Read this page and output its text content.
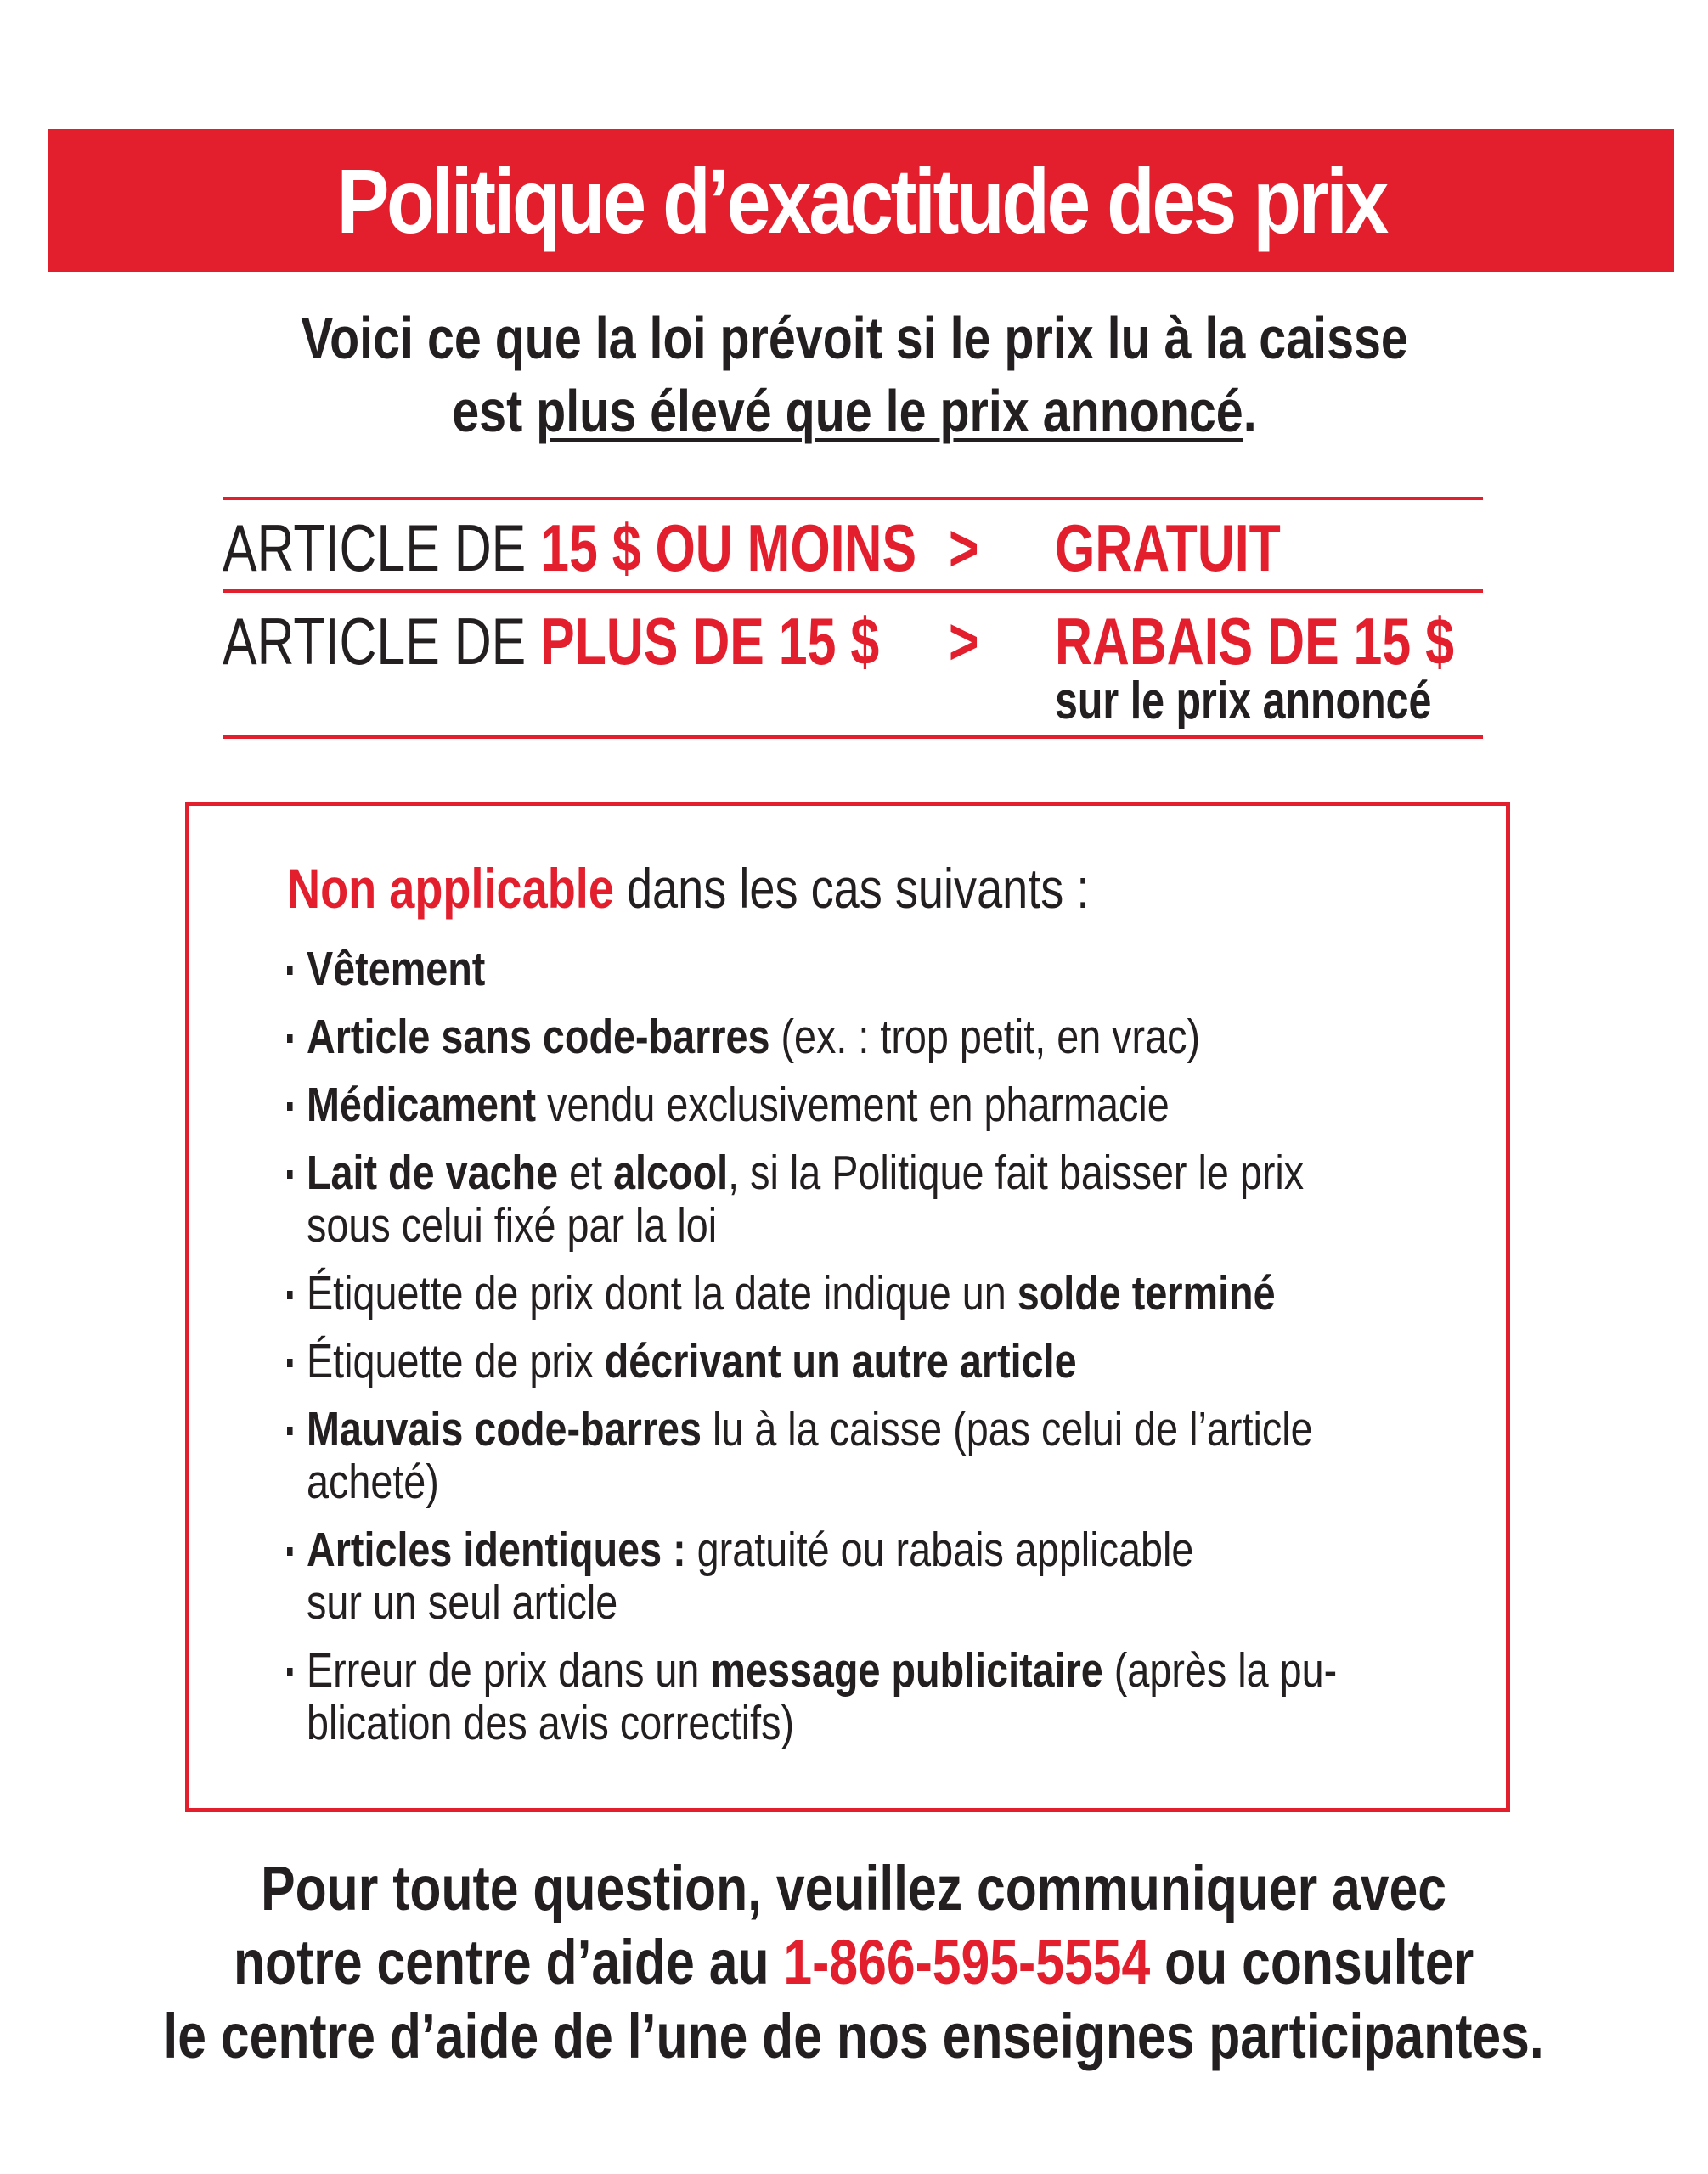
Politique d’exactitude des prix
Voici ce que la loi prévoit si le prix lu à la caisse
est plus élevé que le prix annoncé.
ARTICLE DE 15 $ OU MOINS > GRATUIT
ARTICLE DE PLUS DE 15 $ > RABAIS DE 15 $
sur le prix annoncé
Non applicable dans les cas suivants :
Vêtement
Article sans code-barres (ex. : trop petit, en vrac)
Médicament vendu exclusivement en pharmacie
Lait de vache et alcool, si la Politique fait baisser le prix
sous celui fixé par la loi
Étiquette de prix dont la date indique un solde terminé
Étiquette de prix décrivant un autre article
Mauvais code-barres lu à la caisse (pas celui de l’article
acheté)
Articles identiques : gratuité ou rabais applicable
sur un seul article
Erreur de prix dans un message publicitaire (après la pu-
blication des avis correctifs)
Pour toute question, veuillez communiquer avec
notre centre d’aide au 1-866-595-5554 ou consulter
le centre d’aide de l’une de nos enseignes participantes.
